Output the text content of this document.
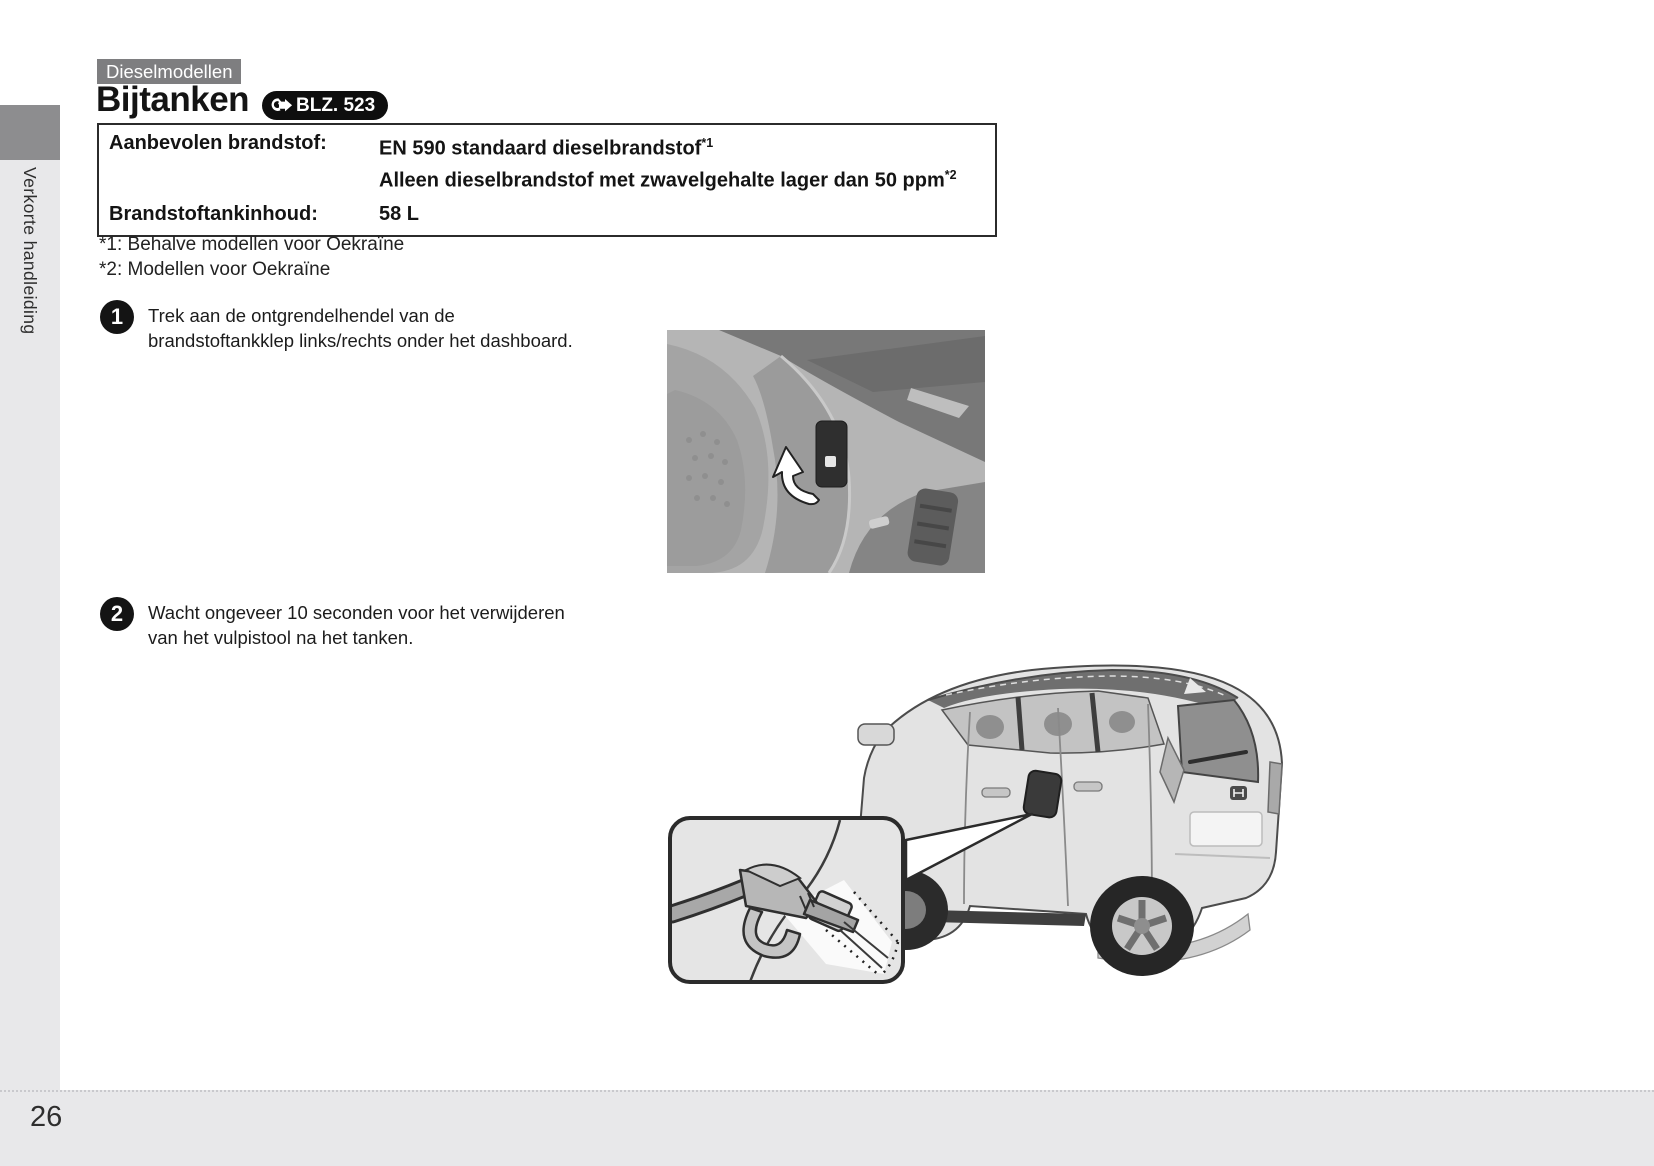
Verkorte handleiding
Dieselmodellen
Bijtanken BLZ. 523
Aanbevolen brandstof:	EN 590 standaard dieselbrandstof$^{*1}$
Alleen dieselbrandstof met zwavelgehalte lager dan 50 ppm$^{*2}$
Brandstoftankinhoud:	58 L
*1: Behalve modellen voor Oekraïne
*2: Modellen voor Oekraïne
1	Trek aan de ontgrendelhendel van de
brandstoftankklep links/rechts onder het dashboard.
2	Wacht ongeveer 10 seconden voor het verwijderen
van het vulpistool na het tanken.
26
